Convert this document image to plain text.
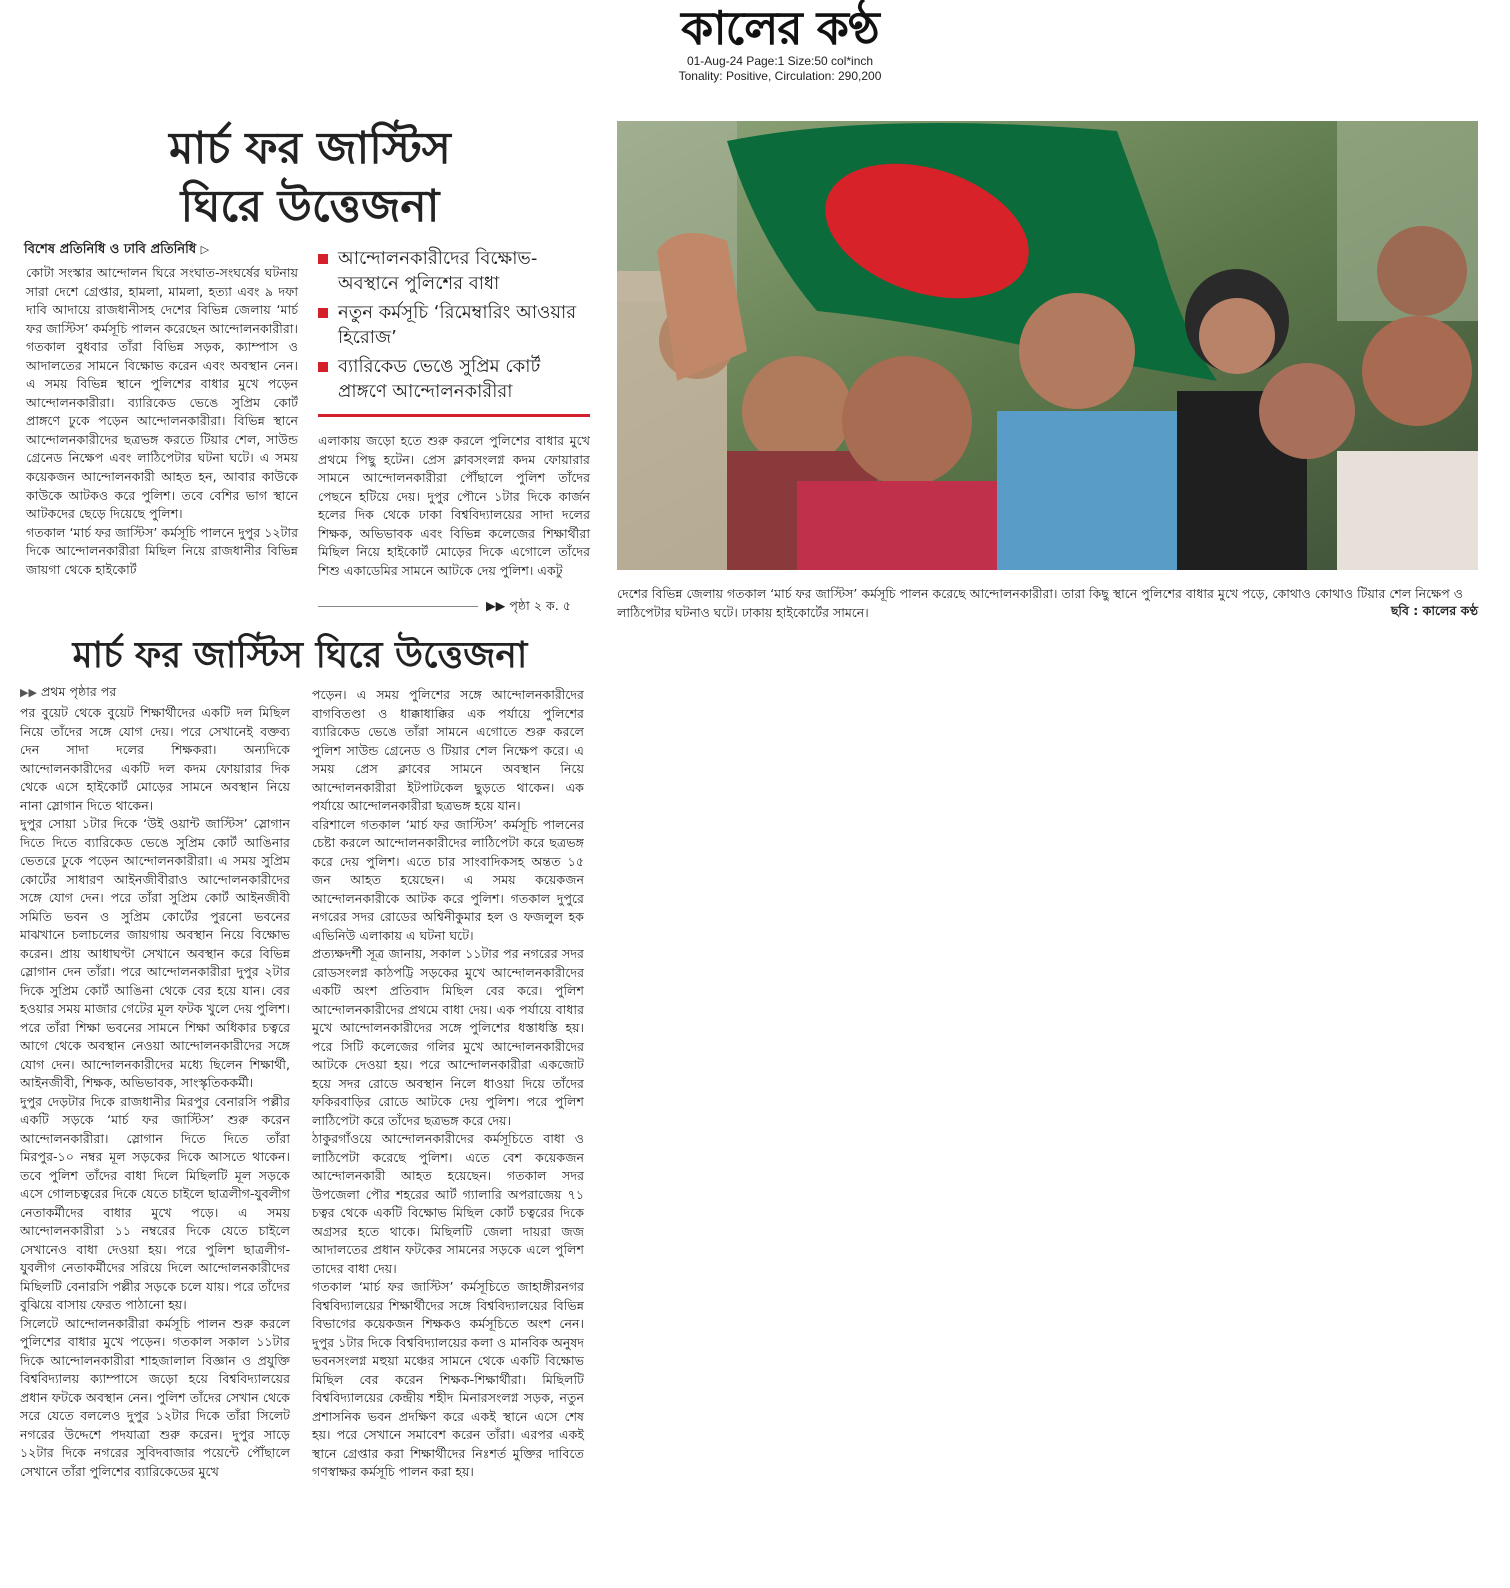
কালের কণ্ঠ
01-Aug-24 Page:1 Size:50 col*inch
Tonality: Positive, Circulation: 290,200
মার্চ ফর জাস্টিস
ঘিরে উত্তেজনা
বিশেষ প্রতিনিধি ও ঢাবি প্রতিনিধি ▷	আন্দোলনকারীদের বিক্ষোভ-অবস্থানে পুলিশের বাধা
নতুন কর্মসূচি ‘রিমেম্বারিং আওয়ার হিরোজ’
ব্যারিকেড ভেঙে সুপ্রিম কোর্ট প্রাঙ্গণে আন্দোলনকারীরা

কোটা সংস্কার আন্দোলন ঘিরে সংঘাত-সংঘর্ষের ঘটনায় সারা দেশে গ্রেপ্তার, হামলা, মামলা, হত্যা এবং ৯ দফা দাবি আদায়ে রাজধানীসহ দেশের বিভিন্ন জেলায় ‘মার্চ ফর জাস্টিস’ কর্মসূচি পালন করেছেন আন্দোলনকারীরা। গতকাল বুধবার তাঁরা বিভিন্ন সড়ক, ক্যাম্পাস ও আদালতের সামনে বিক্ষোভ করেন এবং অবস্থান নেন। এ সময় বিভিন্ন স্থানে পুলিশের বাধার মুখে পড়েন আন্দোলনকারীরা। ব্যারিকেড ভেঙে সুপ্রিম কোর্ট প্রাঙ্গণে ঢুকে পড়েন আন্দোলনকারীরা। বিভিন্ন স্থানে আন্দোলনকারীদের ছত্রভঙ্গ করতে টিয়ার শেল, সাউন্ড গ্রেনেড নিক্ষেপ এবং লাঠিপেটার ঘটনা ঘটে। এ সময় কয়েকজন আন্দোলনকারী আহত হন, আবার কাউকে কাউকে আটকও করে পুলিশ। তবে বেশির ভাগ স্থানে আটকদের ছেড়ে দিয়েছে পুলিশ।

গতকাল ‘মার্চ ফর জাস্টিস’ কর্মসূচি পালনে দুপুর ১২টার দিকে আন্দোলনকারীরা মিছিল নিয়ে রাজধানীর বিভিন্ন জায়গা থেকে হাইকোর্ট

এলাকায় জড়ো হতে শুরু করলে পুলিশের বাধার মুখে প্রথমে পিছু হটেন। প্রেস ক্লাবসংলগ্ন কদম ফোয়ারার সামনে আন্দোলনকারীরা পৌঁছালে পুলিশ তাঁদের পেছনে হটিয়ে দেয়। দুপুর পৌনে ১টার দিকে কার্জন হলের দিক থেকে ঢাকা বিশ্ববিদ্যালয়ের সাদা দলের শিক্ষক, অভিভাবক এবং বিভিন্ন কলেজের শিক্ষার্থীরা মিছিল নিয়ে হাইকোর্ট মোড়ের দিকে এগোলে তাঁদের শিশু একাডেমির সামনে আটকে দেয় পুলিশ। একটু

▶▶ পৃষ্ঠা ২ ক. ৫
দেশের বিভিন্ন জেলায় গতকাল ‘মার্চ ফর জাস্টিস’ কর্মসূচি পালন করেছে আন্দোলনকারীরা। তারা কিছু স্থানে পুলিশের বাধার মুখে পড়ে, কোথাও কোথাও টিয়ার শেল নিক্ষেপ ও লাঠিপেটার ঘটনাও ঘটে। ঢাকায় হাইকোর্টের সামনে।	ছবি : কালের কণ্ঠ
মার্চ ফর জাস্টিস ঘিরে উত্তেজনা
▶▶ প্রথম পৃষ্ঠার পর

পর বুয়েট থেকে বুয়েট শিক্ষার্থীদের একটি দল মিছিল নিয়ে তাঁদের সঙ্গে যোগ দেয়। পরে সেখানেই বক্তব্য দেন সাদা দলের শিক্ষকরা। অন্যদিকে আন্দোলনকারীদের একটি দল কদম ফোয়ারার দিক থেকে এসে হাইকোর্ট মোড়ের সামনে অবস্থান নিয়ে নানা স্লোগান দিতে থাকেন।

দুপুর সোয়া ১টার দিকে ‘উই ওয়ান্ট জাস্টিস’ স্লোগান দিতে দিতে ব্যারিকেড ভেঙে সুপ্রিম কোর্ট আঙিনার ভেতরে ঢুকে পড়েন আন্দোলনকারীরা। এ সময় সুপ্রিম কোর্টের সাধারণ আইনজীবীরাও আন্দোলনকারীদের সঙ্গে যোগ দেন। পরে তাঁরা সুপ্রিম কোর্ট আইনজীবী সমিতি ভবন ও সুপ্রিম কোর্টের পুরনো ভবনের মাঝখানে চলাচলের জায়গায় অবস্থান নিয়ে বিক্ষোভ করেন। প্রায় আধাঘণ্টা সেখানে অবস্থান করে বিভিন্ন স্লোগান দেন তাঁরা। পরে আন্দোলনকারীরা দুপুর ২টার দিকে সুপ্রিম কোর্ট আঙিনা থেকে বের হয়ে যান। বের হওয়ার সময় মাজার গেটের মূল ফটক খুলে দেয় পুলিশ। পরে তাঁরা শিক্ষা ভবনের সামনে শিক্ষা অধিকার চত্বরে আগে থেকে অবস্থান নেওয়া আন্দোলনকারীদের সঙ্গে যোগ দেন। আন্দোলনকারীদের মধ্যে ছিলেন শিক্ষার্থী, আইনজীবী, শিক্ষক, অভিভাবক, সাংস্কৃতিককর্মী।

দুপুর দেড়টার দিকে রাজধানীর মিরপুর বেনারসি পল্লীর একটি সড়কে ‘মার্চ ফর জাস্টিস’ শুরু করেন আন্দোলনকারীরা। স্লোগান দিতে দিতে তাঁরা মিরপুর-১০ নম্বর মূল সড়কের দিকে আসতে থাকেন। তবে পুলিশ তাঁদের বাধা দিলে মিছিলটি মূল সড়কে এসে গোলচত্বরের দিকে যেতে চাইলে ছাত্রলীগ-যুবলীগ নেতাকর্মীদের বাধার মুখে পড়ে। এ সময় আন্দোলনকারীরা ১১ নম্বরের দিকে যেতে চাইলে সেখানেও বাধা দেওয়া হয়। পরে পুলিশ ছাত্রলীগ-যুবলীগ নেতাকর্মীদের সরিয়ে দিলে আন্দোলনকারীদের মিছিলটি বেনারসি পল্লীর সড়কে চলে যায়। পরে তাঁদের বুঝিয়ে বাসায় ফেরত পাঠানো হয়।

সিলেটে আন্দোলনকারীরা কর্মসূচি পালন শুরু করলে পুলিশের বাধার মুখে পড়েন। গতকাল সকাল ১১টার দিকে আন্দোলনকারীরা শাহজালাল বিজ্ঞান ও প্রযুক্তি বিশ্ববিদ্যালয় ক্যাম্পাসে জড়ো হয়ে বিশ্ববিদ্যালয়ের প্রধান ফটকে অবস্থান নেন। পুলিশ তাঁদের সেখান থেকে সরে যেতে বললেও দুপুর ১২টার দিকে তাঁরা সিলেট নগরের উদ্দেশে পদযাত্রা শুরু করেন। দুপুর সাড়ে ১২টার দিকে নগরের সুবিদবাজার পয়েন্টে পৌঁছালে সেখানে তাঁরা পুলিশের ব্যারিকেডের মুখে

পড়েন। এ সময় পুলিশের সঙ্গে আন্দোলনকারীদের বাগবিতণ্ডা ও ধাক্কাধাক্কির এক পর্যায়ে পুলিশের ব্যারিকেড ভেঙে তাঁরা সামনে এগোতে শুরু করলে পুলিশ সাউন্ড গ্রেনেড ও টিয়ার শেল নিক্ষেপ করে। এ সময় প্রেস ক্লাবের সামনে অবস্থান নিয়ে আন্দোলনকারীরা ইটপাটকেল ছুড়তে থাকেন। এক পর্যায়ে আন্দোলনকারীরা ছত্রভঙ্গ হয়ে যান।

বরিশালে গতকাল ‘মার্চ ফর জাস্টিস’ কর্মসূচি পালনের চেষ্টা করলে আন্দোলনকারীদের লাঠিপেটা করে ছত্রভঙ্গ করে দেয় পুলিশ। এতে চার সাংবাদিকসহ অন্তত ১৫ জন আহত হয়েছেন। এ সময় কয়েকজন আন্দোলনকারীকে আটক করে পুলিশ। গতকাল দুপুরে নগরের সদর রোডের অশ্বিনীকুমার হল ও ফজলুল হক এভিনিউ এলাকায় এ ঘটনা ঘটে।

প্রত্যক্ষদর্শী সূত্র জানায়, সকাল ১১টার পর নগরের সদর রোডসংলগ্ন কাঠপট্টি সড়কের মুখে আন্দোলনকারীদের একটি অংশ প্রতিবাদ মিছিল বের করে। পুলিশ আন্দোলনকারীদের প্রথমে বাধা দেয়। এক পর্যায়ে বাধার মুখে আন্দোলনকারীদের সঙ্গে পুলিশের ধস্তাধস্তি হয়। পরে সিটি কলেজের গলির মুখে আন্দোলনকারীদের আটকে দেওয়া হয়। পরে আন্দোলনকারীরা একজোট হয়ে সদর রোডে অবস্থান নিলে ধাওয়া দিয়ে তাঁদের ফকিরবাড়ির রোডে আটকে দেয় পুলিশ। পরে পুলিশ লাঠিপেটা করে তাঁদের ছত্রভঙ্গ করে দেয়।

ঠাকুরগাঁওয়ে আন্দোলনকারীদের কর্মসূচিতে বাধা ও লাঠিপেটা করেছে পুলিশ। এতে বেশ কয়েকজন আন্দোলনকারী আহত হয়েছেন। গতকাল সদর উপজেলা পৌর শহরের আর্ট গ্যালারি অপরাজেয় ৭১ চত্বর থেকে একটি বিক্ষোভ মিছিল কোর্ট চত্বরের দিকে অগ্রসর হতে থাকে। মিছিলটি জেলা দায়রা জজ আদালতের প্রধান ফটকের সামনের সড়কে এলে পুলিশ তাদের বাধা দেয়।

গতকাল ‘মার্চ ফর জাস্টিস’ কর্মসূচিতে জাহাঙ্গীরনগর বিশ্ববিদ্যালয়ের শিক্ষার্থীদের সঙ্গে বিশ্ববিদ্যালয়ের বিভিন্ন বিভাগের কয়েকজন শিক্ষকও কর্মসূচিতে অংশ নেন। দুপুর ১টার দিকে বিশ্ববিদ্যালয়ের কলা ও মানবিক অনুষদ ভবনসংলগ্ন মহুয়া মঞ্চের সামনে থেকে একটি বিক্ষোভ মিছিল বের করেন শিক্ষক-শিক্ষার্থীরা। মিছিলটি বিশ্ববিদ্যালয়ের কেন্দ্রীয় শহীদ মিনারসংলগ্ন সড়ক, নতুন প্রশাসনিক ভবন প্রদক্ষিণ করে একই স্থানে এসে শেষ হয়। পরে সেখানে সমাবেশ করেন তাঁরা। এরপর একই স্থানে গ্রেপ্তার করা শিক্ষার্থীদের নিঃশর্ত মুক্তির দাবিতে গণস্বাক্ষর কর্মসূচি পালন করা হয়।
